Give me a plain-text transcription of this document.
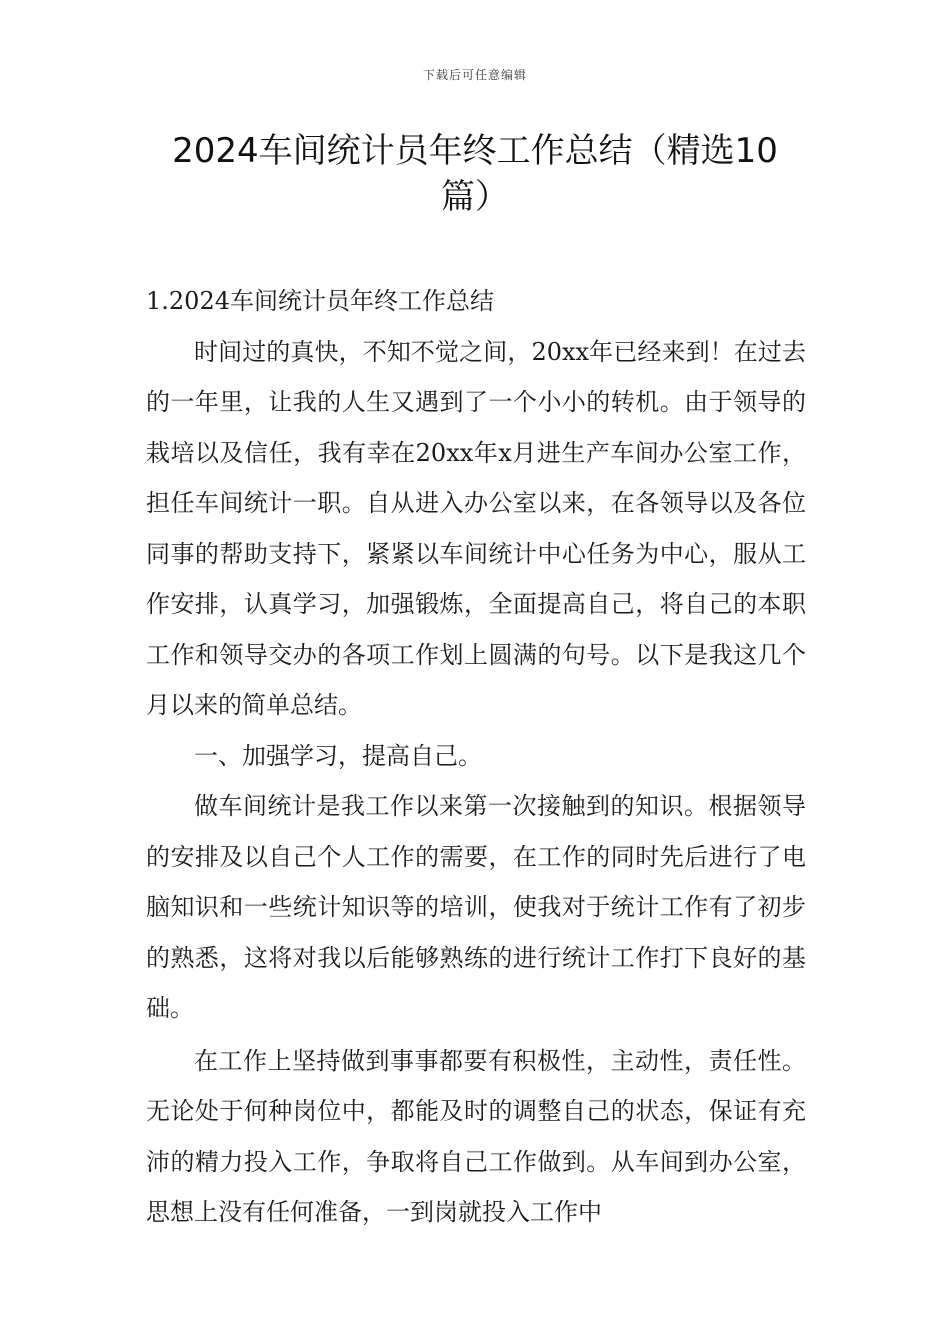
下载后可任意编辑
2024车间统计员年终工作总结（精选10篇）

1.2024车间统计员年终工作总结

时间过的真快，不知不觉之间，20xx年已经来到！在过去的一年里，让我的人生又遇到了一个小小的转机。由于领导的栽培以及信任，我有幸在20xx年x月进生产车间办公室工作，担任车间统计一职。自从进入办公室以来，在各领导以及各位同事的帮助支持下，紧紧以车间统计中心任务为中心，服从工作安排，认真学习，加强锻炼，全面提高自己，将自己的本职工作和领导交办的各项工作划上圆满的句号。以下是我这几个月以来的简单总结。

一、加强学习，提高自己。

做车间统计是我工作以来第一次接触到的知识。根据领导的安排及以自己个人工作的需要，在工作的同时先后进行了电脑知识和一些统计知识等的培训，使我对于统计工作有了初步的熟悉，这将对我以后能够熟练的进行统计工作打下良好的基础。

在工作上坚持做到事事都要有积极性，主动性，责任性。无论处于何种岗位中，都能及时的调整自己的状态，保证有充沛的精力投入工作，争取将自己工作做到。从车间到办公室，思想上没有任何准备，一到岗就投入工作中
